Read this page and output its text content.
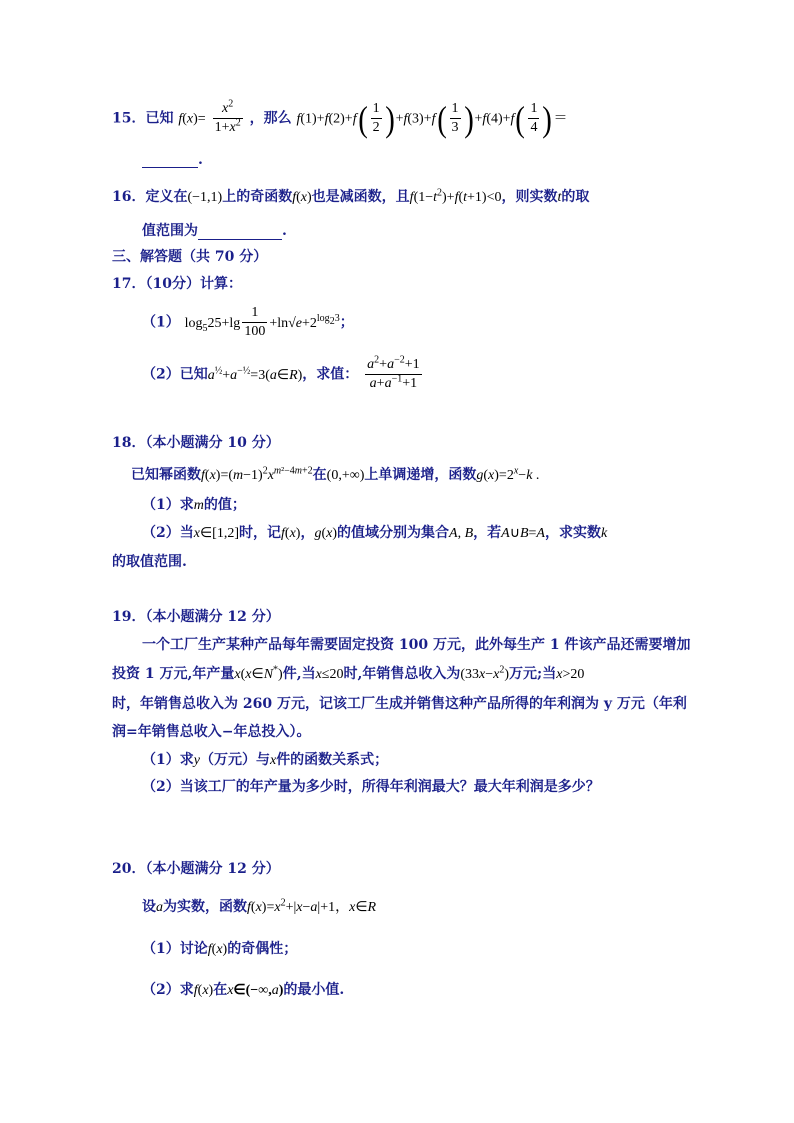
15．已知 $f(x)= \frac{x^2}{1+x^2}$ ，那么 $f(1)+f(2)+f( \frac{1}{2} )+f(3)+f( \frac{1}{3} )+f(4)+f( \frac{1}{4}$ )＝
.
16．定义在(−1,1)上的奇函数f(x)也是减函数，且$f(1-t^2)+f(t+1)<0$，则实数t的取
值范围为	.
三、解答题（共 70 分）
17．（10分）计算：
（1） $\log_525+\lg \frac{1}{100} +\ln√e+2^{log_23}$；
（2）已知$a^{\frac{1}{2}}+a^{-\frac{1}{2}}=3(a\in R)$，求值： $\frac{a^2+a^{-2}+1}{a+a^{-1}+1}$
18．（本小题满分 10 分）
已知幂函数$f(x)=(m-1)^2x^{m^2-4m+2}$在(0,+∞)上单调递增，函数$g(x)=2^x-k$ .
（1）求m的值；
（2）当x∈[1,2]时，记f(x)，g(x)的值域分别为集合A, B，若A∪B=A，求实数k
的取值范围.
19．（本小题满分 12 分）
一个工厂生产某种产品每年需要固定投资 100 万元，此外每生产 1 件该产品还需要增加
投资 1 万元,年产量x(x∈N*)件,当x≤20时,年销售总收入为$(33x-x^2)$万元;当x>20
时，年销售总收入为 260 万元，记该工厂生成并销售这种产品所得的年利润为 y 万元（年利
润=年销售总收入−年总投入）。
（1）求y（万元）与x件的函数关系式；
（2）当该工厂的年产量为多少时，所得年利润最大？最大年利润是多少？
20．（本小题满分 12 分）
设a为实数，函数$f(x)=x^2+|x-a|+1$，x∈R
（1）讨论f(x)的奇偶性；
（2）求f(x)在x∈(−∞,a)的最小值.
